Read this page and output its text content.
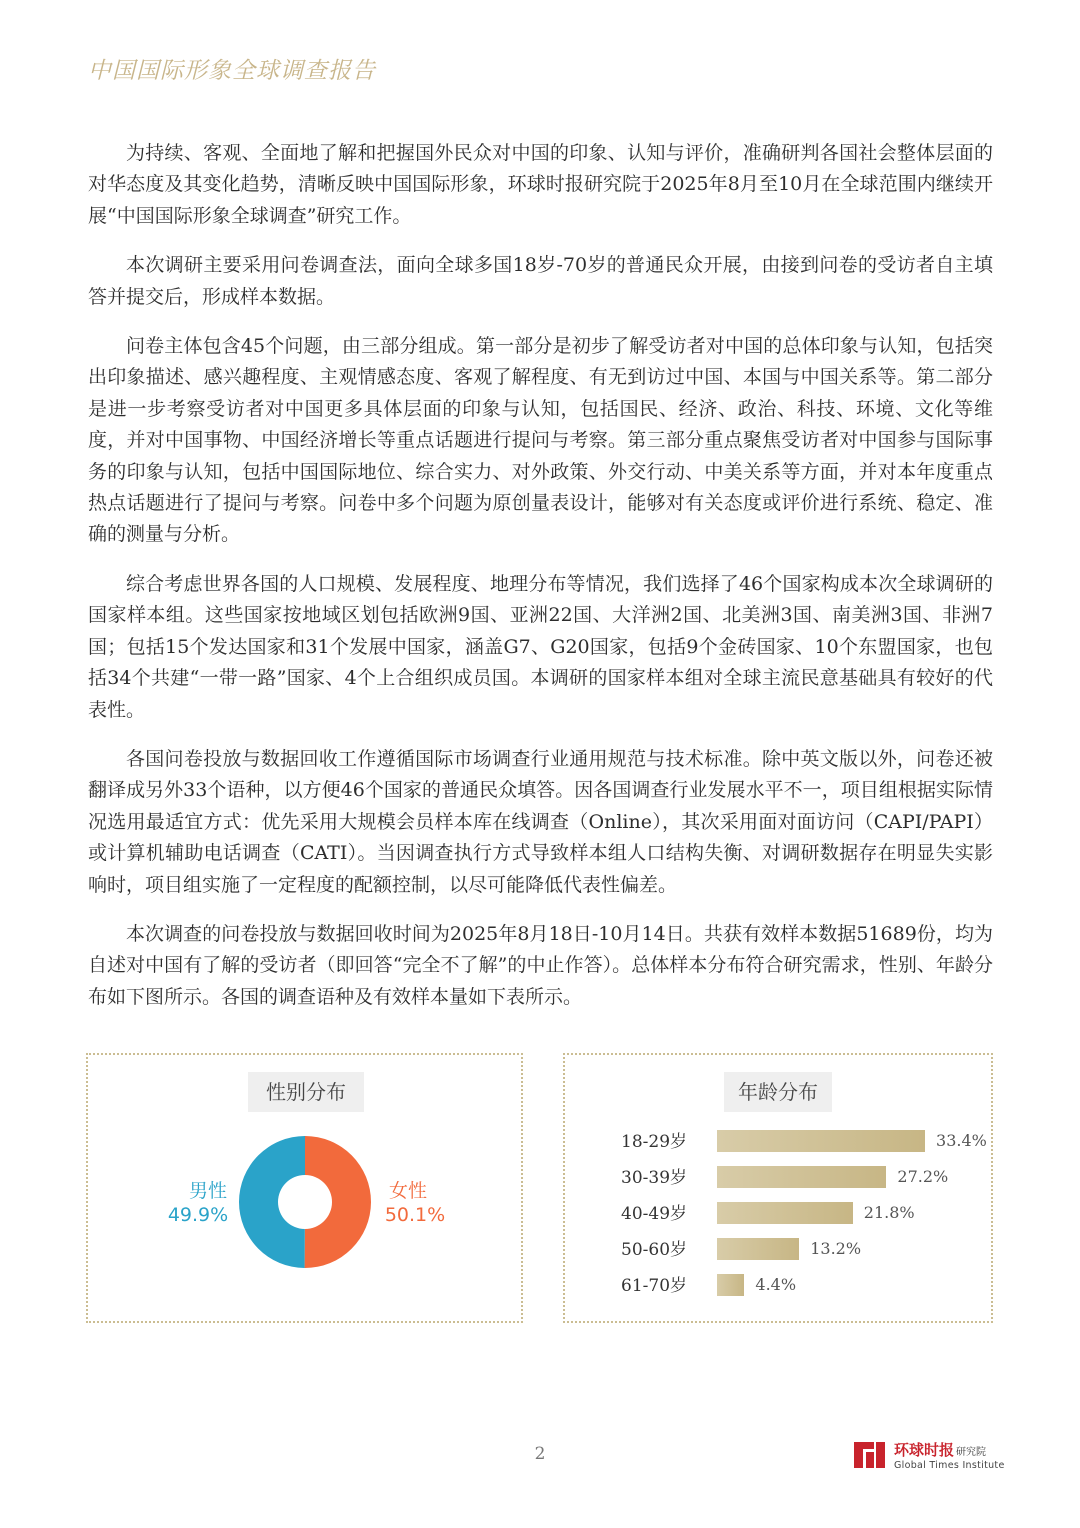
中国国际形象全球调查报告

为持续、客观、全面地了解和把握国外民众对中国的印象、认知与评价，准确研判各国社会整体层面的对华态度及其变化趋势，清晰反映中国国际形象，环球时报研究院于2025年8月至10月在全球范围内继续开展“中国国际形象全球调查”研究工作。

本次调研主要采用问卷调查法，面向全球多国18岁-70岁的普通民众开展，由接到问卷的受访者自主填答并提交后，形成样本数据。

问卷主体包含45个问题，由三部分组成。第一部分是初步了解受访者对中国的总体印象与认知，包括突出印象描述、感兴趣程度、主观情感态度、客观了解程度、有无到访过中国、本国与中国关系等。第二部分是进一步考察受访者对中国更多具体层面的印象与认知，包括国民、经济、政治、科技、环境、文化等维度，并对中国事物、中国经济增长等重点话题进行提问与考察。第三部分重点聚焦受访者对中国参与国际事务的印象与认知，包括中国国际地位、综合实力、对外政策、外交行动、中美关系等方面，并对本年度重点热点话题进行了提问与考察。问卷中多个问题为原创量表设计，能够对有关态度或评价进行系统、稳定、准确的测量与分析。

综合考虑世界各国的人口规模、发展程度、地理分布等情况，我们选择了46个国家构成本次全球调研的国家样本组。这些国家按地域区划包括欧洲9国、亚洲22国、大洋洲2国、北美洲3国、南美洲3国、非洲7国；包括15个发达国家和31个发展中国家，涵盖G7、G20国家，包括9个金砖国家、10个东盟国家，也包括34个共建“一带一路”国家、4个上合组织成员国。本调研的国家样本组对全球主流民意基础具有较好的代表性。

各国问卷投放与数据回收工作遵循国际市场调查行业通用规范与技术标准。除中英文版以外，问卷还被翻译成另外33个语种，以方便46个国家的普通民众填答。因各国调查行业发展水平不一，项目组根据实际情况选用最适宜方式：优先采用大规模会员样本库在线调查（Online），其次采用面对面访问（CAPI/PAPI）或计算机辅助电话调查（CATI）。当因调查执行方式导致样本组人口结构失衡、对调研数据存在明显失实影响时，项目组实施了一定程度的配额控制，以尽可能降低代表性偏差。

本次调查的问卷投放与数据回收时间为2025年8月18日-10月14日。共获有效样本数据51689份，均为自述对中国有了解的受访者（即回答“完全不了解”的中止作答）。总体样本分布符合研究需求，性别、年龄分布如下图所示。各国的调查语种及有效样本量如下表所示。

性别分布
男性
49.9%
女性
50.1%
年龄分布
18-29岁	33.4%
30-39岁	27.2%
40-49岁	21.8%
50-60岁	13.2%
61-70岁	4.4%
2	环球时报 研究院
Global Times Institute
